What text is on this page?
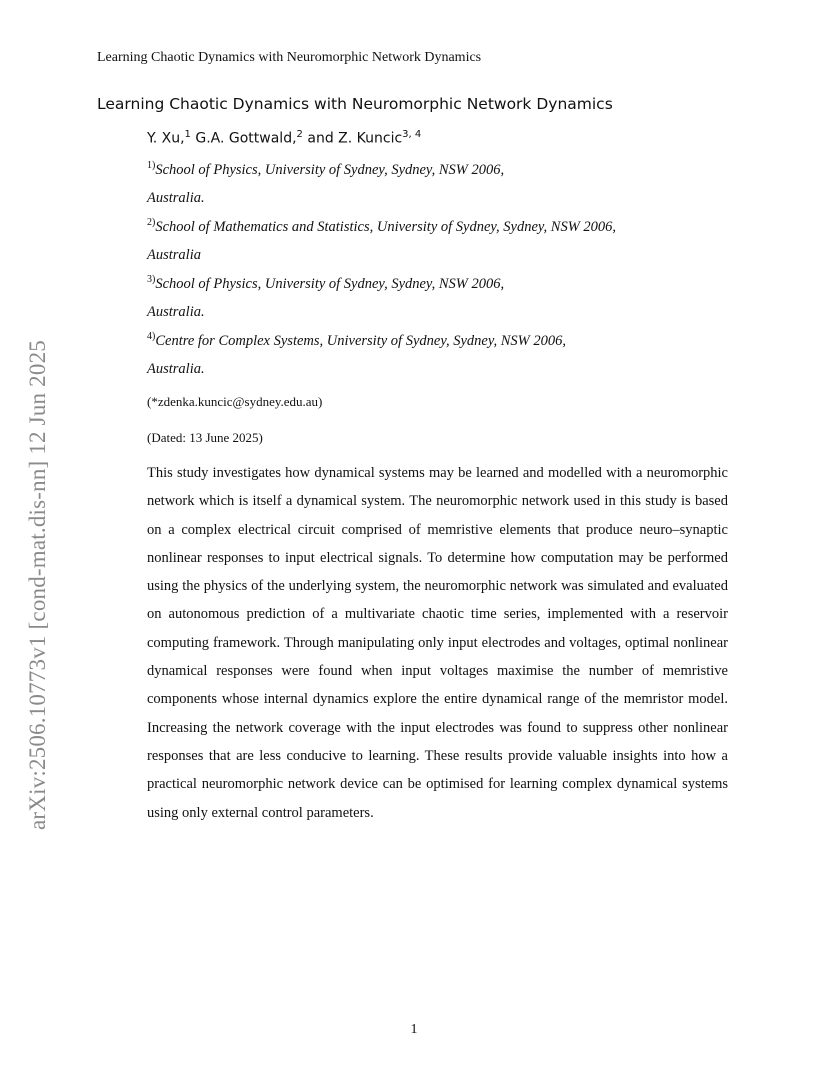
Learning Chaotic Dynamics with Neuromorphic Network Dynamics
arXiv:2506.10773v1 [cond-mat.dis-nn] 12 Jun 2025
Learning Chaotic Dynamics with Neuromorphic Network Dynamics
Y. Xu,$^1$ G.A. Gottwald,$^2$ and Z. Kuncic$^{3, 4}$
$^{1)}$School of Physics, University of Sydney, Sydney, NSW 2006,
Australia.
$^{2)}$School of Mathematics and Statistics, University of Sydney, Sydney, NSW 2006,
Australia
$^{3)}$School of Physics, University of Sydney, Sydney, NSW 2006,
Australia.
$^{4)}$Centre for Complex Systems, University of Sydney, Sydney, NSW 2006,
Australia.
(*zdenka.kuncic@sydney.edu.au)
(Dated: 13 June 2025)

This study investigates how dynamical systems may be learned and modelled with a neuromorphic network which is itself a dynamical system. The neuromorphic network used in this study is based on a complex electrical circuit comprised of memristive elements that produce neuro–synaptic nonlinear responses to input electrical signals. To determine how computation may be performed using the physics of the underlying system, the neuromorphic network was simulated and evaluated on autonomous prediction of a multivariate chaotic time series, implemented with a reservoir computing framework. Through manipulating only input electrodes and voltages, optimal nonlinear dynamical responses were found when input voltages maximise the number of memristive components whose internal dynamics explore the entire dynamical range of the memristor model. Increasing the network coverage with the input electrodes was found to suppress other nonlinear responses that are less conducive to learning. These results provide valuable insights into how a practical neuromorphic network device can be optimised for learning complex dynamical systems using only external control parameters.

1
